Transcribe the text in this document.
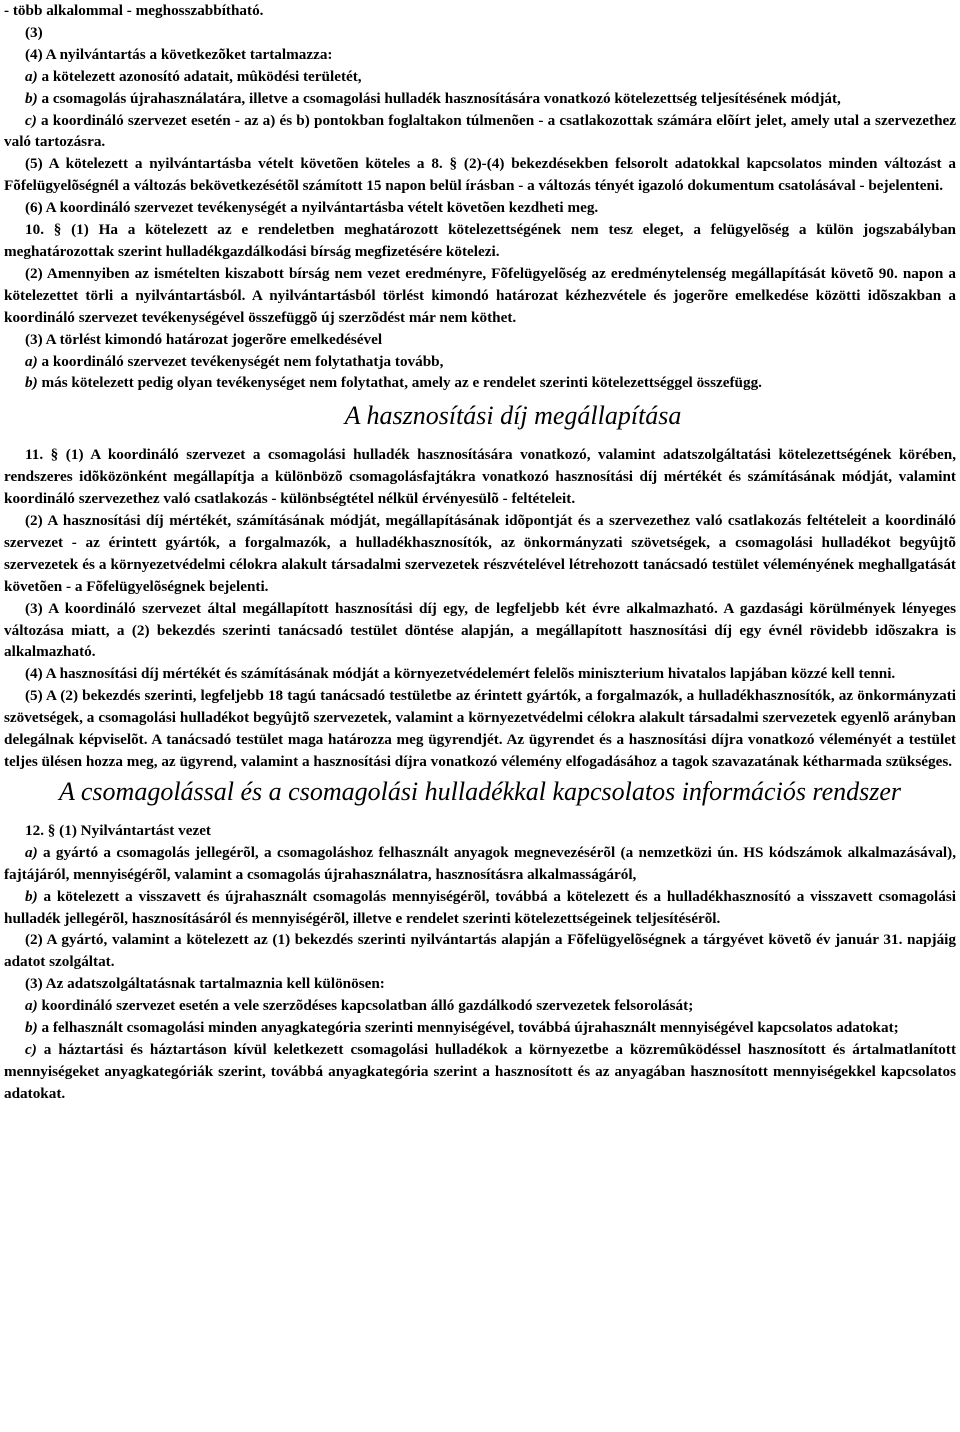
- több alkalommal - meghosszabbítható.

(3)

(4) A nyilvántartás a következõket tartalmazza:

a) a kötelezett azonosító adatait, mûködési területét,

b) a csomagolás újrahasználatára, illetve a csomagolási hulladék hasznosítására vonatkozó kötelezettség teljesítésének módját,

c) a koordináló szervezet esetén - az a) és b) pontokban foglaltakon túlmenõen - a csatlakozottak számára elõírt jelet, amely utal a szervezethez való tartozásra.

(5) A kötelezett a nyilvántartásba vételt követõen köteles a 8. § (2)-(4) bekezdésekben felsorolt adatokkal kapcsolatos minden változást a Fõfelügyelõségnél a változás bekövetkezésétõl számított 15 napon belül írásban - a változás tényét igazoló dokumentum csatolásával - bejelenteni.

(6) A koordináló szervezet tevékenységét a nyilvántartásba vételt követõen kezdheti meg.

10. § (1) Ha a kötelezett az e rendeletben meghatározott kötelezettségének nem tesz eleget, a felügyelõség a külön jogszabályban meghatározottak szerint hulladékgazdálkodási bírság megfizetésére kötelezi.

(2) Amennyiben az ismételten kiszabott bírság nem vezet eredményre, Fõfelügyelõség az eredménytelenség megállapítását követõ 90. napon a kötelezettet törli a nyilvántartásból. A nyilvántartásból törlést kimondó határozat kézhezvétele és jogerõre emelkedése közötti idõszakban a koordináló szervezet tevékenységével összefüggõ új szerzõdést már nem köthet.

(3) A törlést kimondó határozat jogerõre emelkedésével

a) a koordináló szervezet tevékenységét nem folytathatja tovább,

b) más kötelezett pedig olyan tevékenységet nem folytathat, amely az e rendelet szerinti kötelezettséggel összefügg.

A hasznosítási díj megállapítása

11. § (1) A koordináló szervezet a csomagolási hulladék hasznosítására vonatkozó, valamint adatszolgáltatási kötelezettségének körében, rendszeres idõközönként megállapítja a különbözõ csomagolásfajtákra vonatkozó hasznosítási díj mértékét és számításának módját, valamint koordináló szervezethez való csatlakozás - különbségtétel nélkül érvényesülõ - feltételeit.

(2) A hasznosítási díj mértékét, számításának módját, megállapításának idõpontját és a szervezethez való csatlakozás feltételeit a koordináló szervezet - az érintett gyártók, a forgalmazók, a hulladékhasznosítók, az önkormányzati szövetségek, a csomagolási hulladékot begyûjtõ szervezetek és a környezetvédelmi célokra alakult társadalmi szervezetek részvételével létrehozott tanácsadó testület véleményének meghallgatását követõen - a Fõfelügyelõségnek bejelenti.

(3) A koordináló szervezet által megállapított hasznosítási díj egy, de legfeljebb két évre alkalmazható. A gazdasági körülmények lényeges változása miatt, a (2) bekezdés szerinti tanácsadó testület döntése alapján, a megállapított hasznosítási díj egy évnél rövidebb idõszakra is alkalmazható.

(4) A hasznosítási díj mértékét és számításának módját a környezetvédelemért felelõs miniszterium hivatalos lapjában közzé kell tenni.

(5) A (2) bekezdés szerinti, legfeljebb 18 tagú tanácsadó testületbe az érintett gyártók, a forgalmazók, a hulladékhasznosítók, az önkormányzati szövetségek, a csomagolási hulladékot begyûjtõ szervezetek, valamint a környezetvédelmi célokra alakult társadalmi szervezetek egyenlõ arányban delegálnak képviselõt. A tanácsadó testület maga határozza meg ügyrendjét. Az ügyrendet és a hasznosítási díjra vonatkozó véleményét a testület teljes ülésen hozza meg, az ügyrend, valamint a hasznosítási díjra vonatkozó vélemény elfogadásához a tagok szavazatának kétharmada szükséges.

A csomagolással és a csomagolási hulladékkal kapcsolatos információs rendszer

12. § (1) Nyilvántartást vezet

a) a gyártó a csomagolás jellegérõl, a csomagoláshoz felhasznált anyagok megnevezésérõl (a nemzetközi ún. HS kódszámok alkalmazásával), fajtájáról, mennyiségérõl, valamint a csomagolás újrahasználatra, hasznosításra alkalmasságáról,

b) a kötelezett a visszavett és újrahasznált csomagolás mennyiségérõl, továbbá a kötelezett és a hulladékhasznosító a visszavett csomagolási hulladék jellegérõl, hasznosításáról és mennyiségérõl, illetve e rendelet szerinti kötelezettségeinek teljesítésérõl.

(2) A gyártó, valamint a kötelezett az (1) bekezdés szerinti nyilvántartás alapján a Fõfelügyelõségnek a tárgyévet követõ év január 31. napjáig adatot szolgáltat.

(3) Az adatszolgáltatásnak tartalmaznia kell különösen:

a) koordináló szervezet esetén a vele szerzõdéses kapcsolatban álló gazdálkodó szervezetek felsorolását;

b) a felhasznált csomagolási minden anyagkategória szerinti mennyiségével, továbbá újrahasznált mennyiségével kapcsolatos adatokat;

c) a háztartási és háztartáson kívül keletkezett csomagolási hulladékok a környezetbe a közremûködéssel hasznosított és ártalmatlanított mennyiségeket anyagkategóriák szerint, továbbá anyagkategória szerint a hasznosított és az anyagában hasznosított mennyiségekkel kapcsolatos adatokat.
